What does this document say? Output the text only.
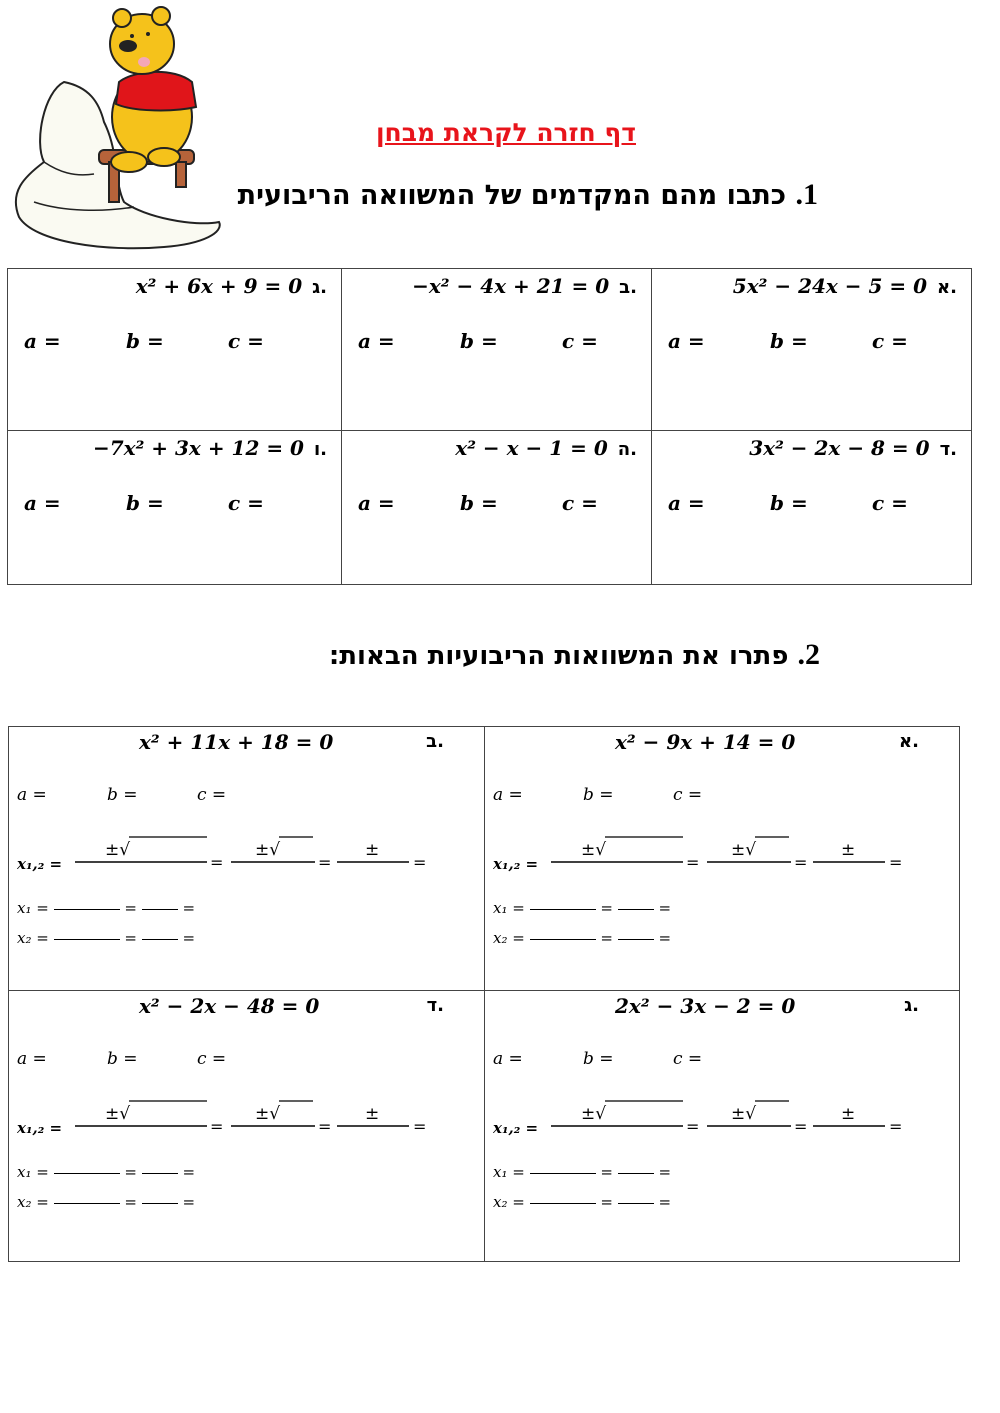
דף חזרה לקראת מבחן
1. כתבו מהם המקדמים של המשוואה הריבועית
x² + 6x + 9 = 0 ג.
a =	b =	c =
−x² − 4x + 21 = 0 ב.
a =	b =	c =
5x² − 24x − 5 = 0 א.
a =	b =	c =
−7x² + 3x + 12 = 0 ו.
a =	b =	c =
x² − x − 1 = 0 ה.
a =	b =	c =
3x² − 2x − 8 = 0 ד.
a =	b =	c =
2. פתרו את המשוואות הריבועיות הבאות:
x² + 11x + 18 = 0	ב.
a =	b =	c =
x₁,₂ =
±√
=
±√
=
±
=
x₁ =	=	=
x₂ =	=	=
x² − 9x + 14 = 0	א.
a =	b =	c =
x₁,₂ =
±√
=
±√
=
±
=
x₁ =	=	=
x₂ =	=	=
x² − 2x − 48 = 0	ד.
a =	b =	c =
x₁,₂ =
±√
=
±√
=
±
=
x₁ =	=	=
x₂ =	=	=
2x² − 3x − 2 = 0	ג.
a =	b =	c =
x₁,₂ =
±√
=
±√
=
±
=
x₁ =	=	=
x₂ =	=	=
